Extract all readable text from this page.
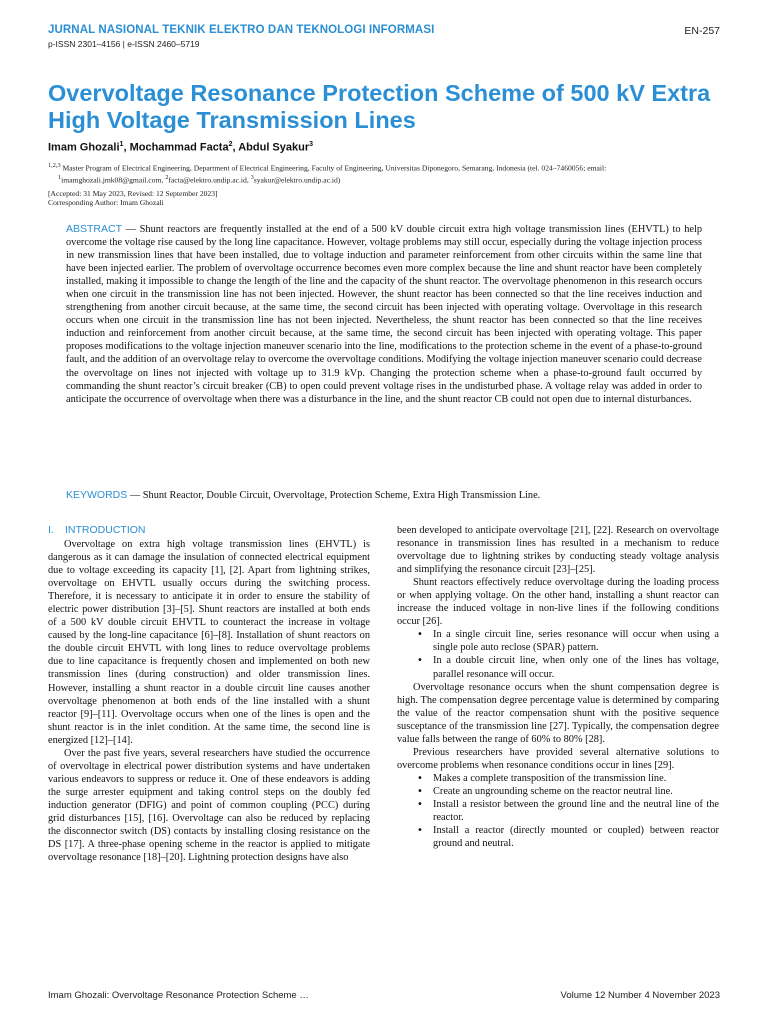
JURNAL NASIONAL TEKNIK ELEKTRO DAN TEKNOLOGI INFORMASI
p-ISSN 2301–4156 | e-ISSN 2460–5719
EN-257
Overvoltage Resonance Protection Scheme of 500 kV Extra High Voltage Transmission Lines
Imam Ghozali$^1$, Mochammad Facta$^2$, Abdul Syakur$^3$
$^{1,2,3}$ Master Program of Electrical Engineering, Department of Electrical Engineering, Faculty of Engineering, Universitas Diponegoro, Semarang, Indonesia (tel. 024–7460056; email:
$^1$imamghozali.jmk08@gmail.com, $^2$facta@elektro.undip.ac.id, $^3$syakur@elektro.undip.ac.id)
[Accepted: 31 May 2023, Revised: 12 September 2023]
Corresponding Author: Imam Ghozali

ABSTRACT — Shunt reactors are frequently installed at the end of a 500 kV double circuit extra high voltage transmission lines (EHVTL) to help overcome the voltage rise caused by the long line capacitance. However, voltage problems may still occur, especially during the voltage injection process in new transmission lines that have been installed, due to voltage induction and parameter reinforcement from other circuits within the same line that have been injected earlier. The problem of overvoltage occurrence becomes even more complex because the line and shunt reactor have been completely installed, making it impossible to change the length of the line and the capacity of the shunt reactor. The overvoltage phenomenon in this research occurs when one circuit in the transmission line has not been injected. However, the shunt reactor has been connected so that the line receives induction and strengthening from another circuit because, at the same time, the second circuit has been injected with operating voltage. Overvoltage in this research occurs when one circuit in the transmission line has not been injected. Nevertheless, the shunt reactor has been connected so that the line receives induction and reinforcement from another circuit because, at the same time, the second circuit has been injected with operating voltage. This paper proposes modifications to the voltage injection maneuver scenario into the line, modifications to the protection scheme in the event of a phase-to-ground fault, and the addition of an overvoltage relay to overcome the overvoltage conditions. Modifying the voltage injection maneuver scenario could decrease the overvoltage on lines not injected with voltage up to 31.9 kVp. Changing the protection scheme when a phase-to-ground fault occurred by commanding the shunt reactor’s circuit breaker (CB) to open could prevent voltage rises in the undisturbed phase. A voltage relay was added in order to anticipate the occurrence of overvoltage when there was a disturbance in the line, and the shunt reactor CB could not open due to internal disturbances.

KEYWORDS — Shunt Reactor, Double Circuit, Overvoltage, Protection Scheme, Extra High Transmission Line.

I. INTRODUCTION

Overvoltage on extra high voltage transmission lines (EHVTL) is dangerous as it can damage the insulation of connected electrical equipment due to voltage exceeding its capacity [1], [2]. Apart from lightning strikes, overvoltage on EHVTL usually occurs during the switching process. Therefore, it is necessary to anticipate it in order to ensure the stability of electric power distribution [3]–[5]. Shunt reactors are installed at both ends of a 500 kV double circuit EHVTL to counteract the increase in voltage caused by the long-line capacitance [6]–[8]. Installation of shunt reactors on the double circuit EHVTL with long lines to reduce overvoltage problems due to line capacitance is frequently chosen and implemented on both new transmission lines (during construction) and older transmission lines. However, installing a shunt reactor in a double circuit line causes another overvoltage phenomenon at both ends of the line installed with a shunt reactor [9]–[11]. Overvoltage occurs when one of the lines is open and the shunt reactor is in the inlet condition. At the same time, the second line is energized [12]–[14].

Over the past five years, several researchers have studied the occurrence of overvoltage in electrical power distribution systems and have undertaken various endeavors to suppress or reduce it. One of these endeavors is adding the surge arrester equipment and taking control steps on the doubly fed induction generator (DFIG) and point of common coupling (PCC) during grid disturbances [15], [16]. Overvoltage can also be reduced by replacing the disconnector switch (DS) contacts by installing closing resistance on the DS [17]. A three-phase opening scheme in the reactor is applied to mitigate overvoltage resonance [18]–[20]. Lightning protection designs have also

been developed to anticipate overvoltage [21], [22]. Research on overvoltage resonance in transmission lines has resulted in a mechanism to reduce overvoltage due to lightning strikes by conducting steady voltage analysis and simplifying the resonance circuit [23]–[25].

Shunt reactors effectively reduce overvoltage during the loading process or when applying voltage. On the other hand, installing a shunt reactor can increase the induced voltage in non-live lines if the following conditions occur [26].

• In a single circuit line, series resonance will occur when using a single pole auto reclose (SPAR) pattern.
• In a double circuit line, when only one of the lines has voltage, parallel resonance will occur.

Overvoltage resonance occurs when the shunt compensation degree is high. The compensation degree percentage value is determined by comparing the value of the reactor compensation shunt with the positive sequence susceptance of the transmission line [27]. Typically, the compensation degree value falls between the range of 60% to 80% [28].

Previous researchers have provided several alternative solutions to overcome problems when resonance conditions occur in lines [29].

• Makes a complete transposition of the transmission line.
• Create an ungrounding scheme on the reactor neutral line.
• Install a resistor between the ground line and the neutral line of the reactor.
• Install a reactor (directly mounted or coupled) between reactor ground and neutral.
Imam Ghozali: Overvoltage Resonance Protection Scheme …	Volume 12 Number 4 November 2023
